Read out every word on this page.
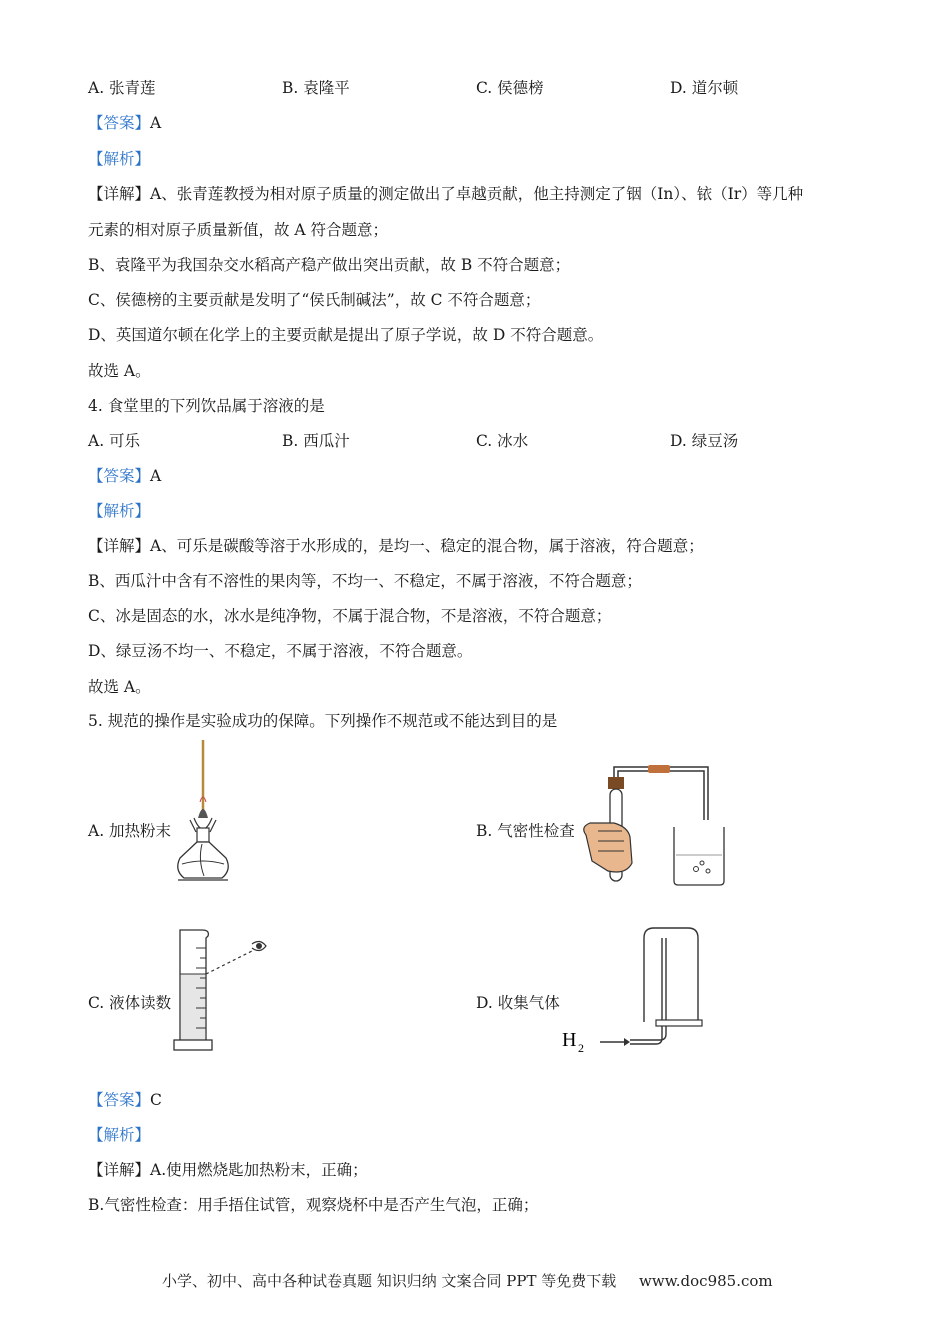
A. 张青莲	B. 袁隆平	C. 侯德榜	D. 道尔顿
【答案】A
【解析】
【详解】A、张青莲教授为相对原子质量的测定做出了卓越贡献，他主持测定了铟（In）、铱（Ir）等几种
元素的相对原子质量新值，故 A 符合题意；
B、袁隆平为我国杂交水稻高产稳产做出突出贡献，故 B 不符合题意；
C、侯德榜的主要贡献是发明了“侯氏制碱法”，故 C 不符合题意；
D、英国道尔顿在化学上的主要贡献是提出了原子学说，故 D 不符合题意。
故选 A。
4. 食堂里的下列饮品属于溶液的是
A. 可乐	B. 西瓜汁	C. 冰水	D. 绿豆汤
【答案】A
【解析】
【详解】A、可乐是碳酸等溶于水形成的，是均一、稳定的混合物，属于溶液，符合题意；
B、西瓜汁中含有不溶性的果肉等，不均一、不稳定，不属于溶液，不符合题意；
C、冰是固态的水，冰水是纯净物，不属于混合物，不是溶液，不符合题意；
D、绿豆汤不均一、不稳定，不属于溶液，不符合题意。
故选 A。
5. 规范的操作是实验成功的保障。下列操作不规范或不能达到目的是
A. 加热粉末	B. 气密性检查
C. 液体读数	D. 收集气体
H 2
【答案】C
【解析】
【详解】A.使用燃烧匙加热粉末，正确；
B.气密性检查：用手捂住试管，观察烧杯中是否产生气泡，正确；
小学、初中、高中各种试卷真题 知识归纳 文案合同 PPT 等免费下载 www.doc985.com
